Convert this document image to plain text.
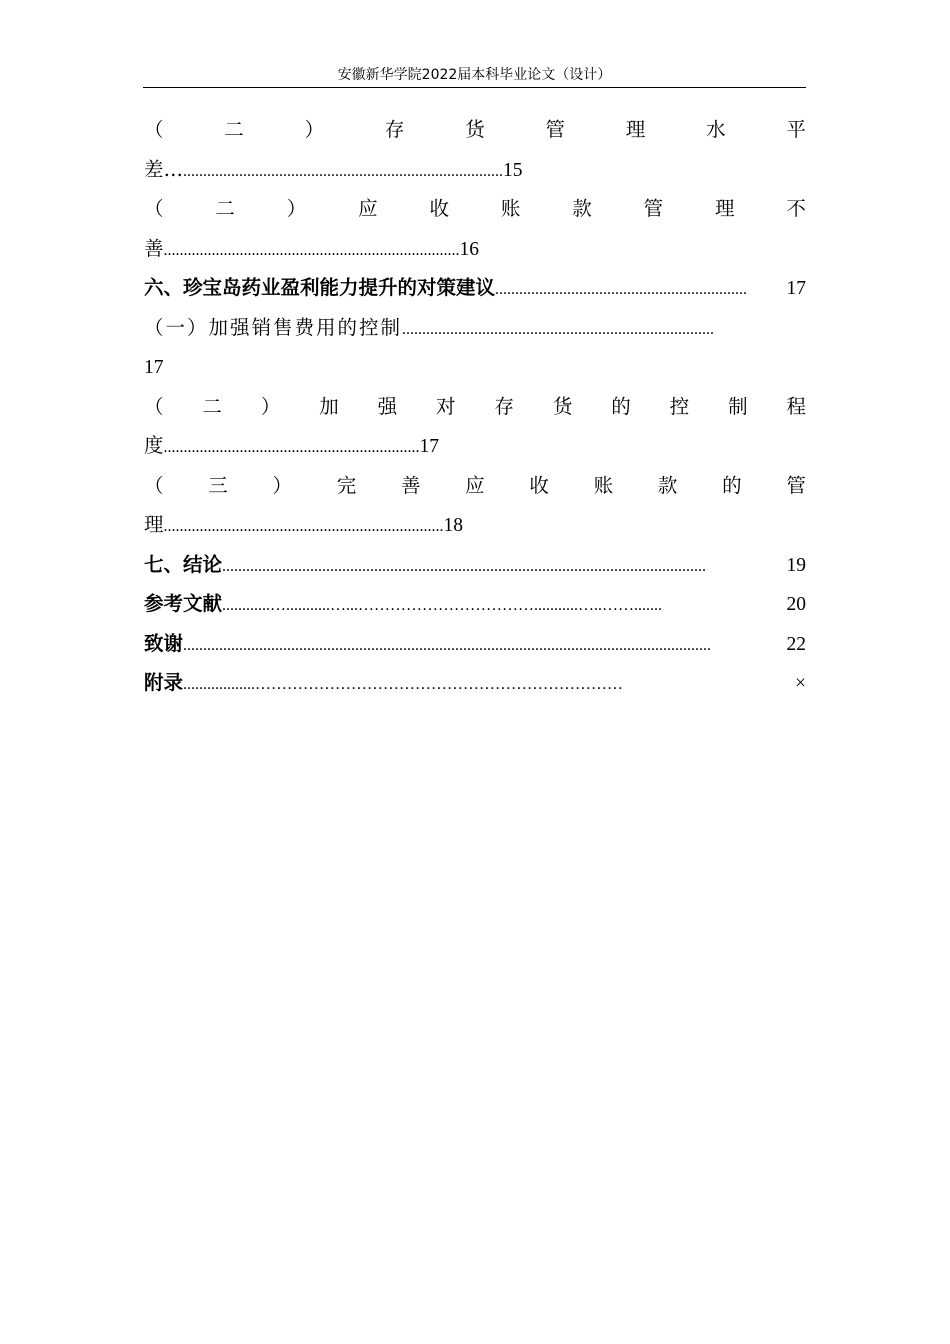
安徽新华学院2022届本科毕业论文（设计）
（	二	）	存	货	管	理	水	平
差…................................................................................15
（	二	）	应	收	账	款	管	理	不
善..........................................................................16
六、珍宝岛药业盈利能力提升的对策建议 ...............................................................	17
（一）加强销售费用的控制 ..............................................................................
17
（ 二 ） 加 强 对 存 货 的 控 制 程
度................................................................17
（ 三 ） 完 善 应 收 账 款 的 管
理......................................................................18
七、结论 .........................................................................................................................	19
参考文献 ............…...........…...……………………………...........…..…….......	20
致谢 ....................................................................................................................................	22
附录 ..................……………………………………………………………	×
